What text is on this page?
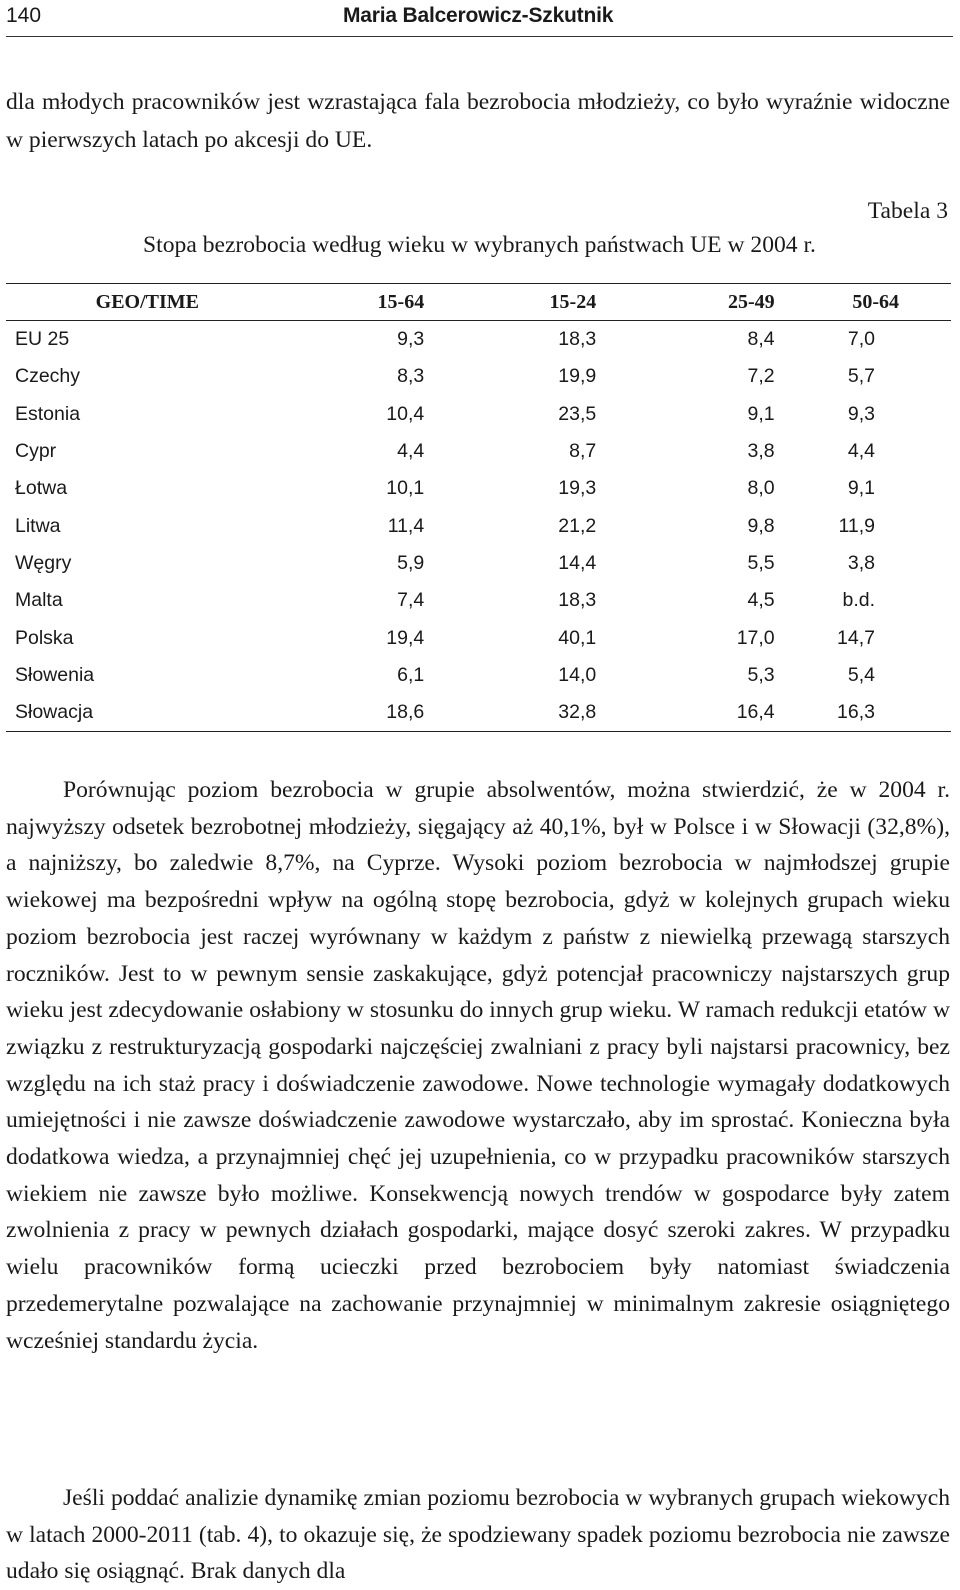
140	Maria Balcerowicz-Szkutnik

dla młodych pracowników jest wzrastająca fala bezrobocia młodzieży, co było wyraźnie widoczne w pierwszych latach po akcesji do UE.

Tabela 3
Stopa bezrobocia według wieku w wybranych państwach UE w 2004 r.
GEO/TIME	15-64	15-24	25-49	50-64
EU 25	9,3	18,3	8,4	7,0
Czechy	8,3	19,9	7,2	5,7
Estonia	10,4	23,5	9,1	9,3
Cypr	4,4	8,7	3,8	4,4
Łotwa	10,1	19,3	8,0	9,1
Litwa	11,4	21,2	9,8	11,9
Węgry	5,9	14,4	5,5	3,8
Malta	7,4	18,3	4,5	b.d.
Polska	19,4	40,1	17,0	14,7
Słowenia	6,1	14,0	5,3	5,4
Słowacja	18,6	32,8	16,4	16,3

Porównując poziom bezrobocia w grupie absolwentów, można stwierdzić, że w 2004 r. najwyższy odsetek bezrobotnej młodzieży, sięgający aż 40,1%, był w Polsce i w Słowacji (32,8%), a najniższy, bo zaledwie 8,7%, na Cyprze. Wysoki poziom bezrobocia w najmłodszej grupie wiekowej ma bezpośredni wpływ na ogólną stopę bezrobocia, gdyż w kolejnych grupach wieku poziom bezrobocia jest raczej wyrównany w każdym z państw z niewielką przewagą starszych roczników. Jest to w pewnym sensie zaskakujące, gdyż potencjał pracowniczy najstarszych grup wieku jest zdecydowanie osłabiony w stosunku do innych grup wieku. W ramach redukcji etatów w związku z restrukturyzacją gospodarki najczęściej zwalniani z pracy byli najstarsi pracownicy, bez względu na ich staż pracy i doświadczenie zawodowe. Nowe technologie wymagały dodatkowych umiejętności i nie zawsze doświadczenie zawodowe wystarczało, aby im sprostać. Konieczna była dodatkowa wiedza, a przynajmniej chęć jej uzupełnienia, co w przypadku pracowników starszych wiekiem nie zawsze było możliwe. Konsekwencją nowych trendów w gospodarce były zatem zwolnienia z pracy w pewnych działach gospodarki, mające dosyć szeroki zakres. W przypadku wielu pracowników formą ucieczki przed bezrobociem były natomiast świadczenia przedemerytalne pozwalające na zachowanie przynajmniej w minimalnym zakresie osiągniętego wcześniej standardu życia.

Jeśli poddać analizie dynamikę zmian poziomu bezrobocia w wybranych grupach wiekowych w latach 2000-2011 (tab. 4), to okazuje się, że spodziewany spadek poziomu bezrobocia nie zawsze udało się osiągnąć. Brak danych dla
